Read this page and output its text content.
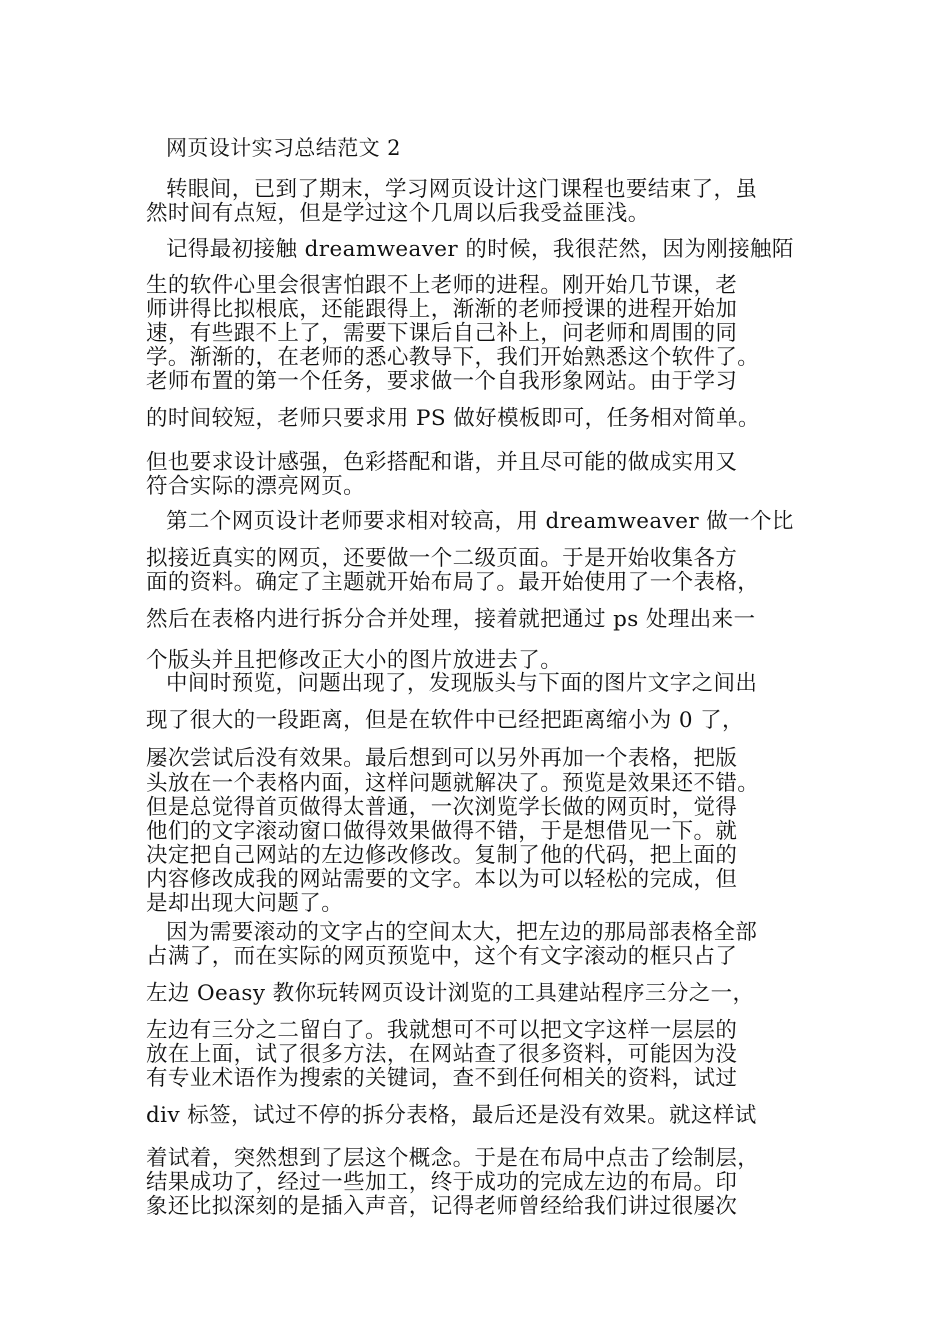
网页设计实习总结范文 2
转眼间，已到了期末，学习网页设计这门课程也要结束了，虽
然时间有点短，但是学过这个几周以后我受益匪浅。
记得最初接触 dreamweaver 的时候，我很茫然，因为刚接触陌
生的软件心里会很害怕跟不上老师的进程。刚开始几节课，老
师讲得比拟根底，还能跟得上，渐渐的老师授课的进程开始加
速，有些跟不上了，需要下课后自己补上，问老师和周围的同
学。渐渐的，在老师的悉心教导下，我们开始熟悉这个软件了。
老师布置的第一个任务，要求做一个自我形象网站。由于学习
的时间较短，老师只要求用 PS 做好模板即可，任务相对简单。
但也要求设计感强，色彩搭配和谐，并且尽可能的做成实用又
符合实际的漂亮网页。
第二个网页设计老师要求相对较高，用 dreamweaver 做一个比
拟接近真实的网页，还要做一个二级页面。于是开始收集各方
面的资料。确定了主题就开始布局了。最开始使用了一个表格，
然后在表格内进行拆分合并处理，接着就把通过 ps 处理出来一
个版头并且把修改正大小的图片放进去了。
中间时预览，问题出现了，发现版头与下面的图片文字之间出
现了很大的一段距离，但是在软件中已经把距离缩小为 0 了，
屡次尝试后没有效果。最后想到可以另外再加一个表格，把版
头放在一个表格内面，这样问题就解决了。预览是效果还不错。
但是总觉得首页做得太普通，一次浏览学长做的网页时，觉得
他们的文字滚动窗口做得效果做得不错，于是想借见一下。就
决定把自己网站的左边修改修改。复制了他的代码，把上面的
内容修改成我的网站需要的文字。本以为可以轻松的完成，但
是却出现大问题了。
因为需要滚动的文字占的空间太大，把左边的那局部表格全部
占满了，而在实际的网页预览中，这个有文字滚动的框只占了
左边 Oeasy 教你玩转网页设计浏览的工具建站程序三分之一，
左边有三分之二留白了。我就想可不可以把文字这样一层层的
放在上面，试了很多方法，在网站查了很多资料，可能因为没
有专业术语作为搜索的关键词，查不到任何相关的资料，试过
div 标签，试过不停的拆分表格，最后还是没有效果。就这样试
着试着，突然想到了层这个概念。于是在布局中点击了绘制层，
结果成功了，经过一些加工，终于成功的完成左边的布局。印
象还比拟深刻的是插入声音，记得老师曾经给我们讲过很屡次
